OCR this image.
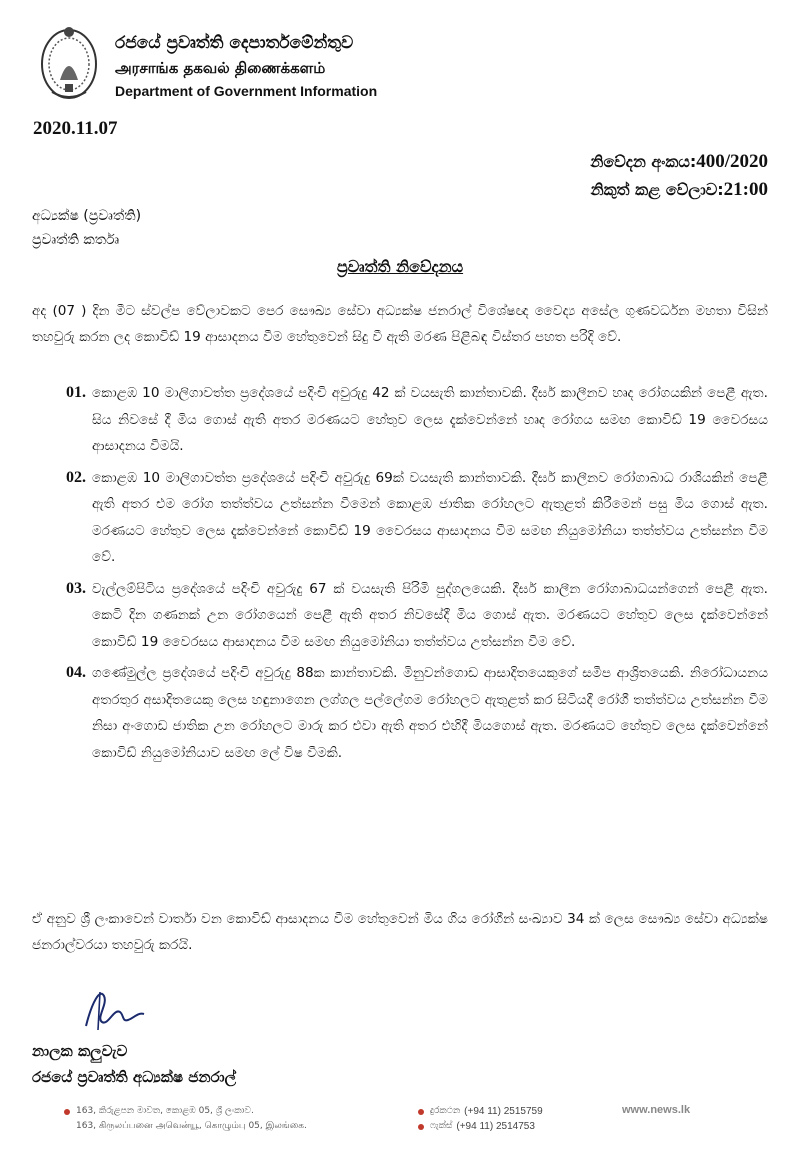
රජයේ ප්‍රවෘත්ති දෙපාර්තමේන්තුව
அரசாங்க தகவல் திணைக்களம்
Department of Government Information
2020.11.07
නිවේදන අංකය:400/2020
නිකුත් කළ වේලාව:21:00
අධ්‍යක්ෂ (ප්‍රවෘත්ති)
ප්‍රවෘත්ති කර්තෘ
ප්‍රවෘත්ති නිවේදනය
අද (07 ) දින මීට ස්වල්ප වේලාවකට පෙර සෞඛ්‍ය සේවා අධ්‍යක්ෂ ජනරාල් විශේෂඥ වෛද්‍ය අසේල ගුණවර්ධන මහතා විසින් තහවුරු කරන ලද කොවිඩ් 19 ආසාදනය වීම හේතුවෙන් සිදු වී ඇති මරණ පිළිබඳ විස්තර පහත පරිදි වේ.
01. කොළඹ 10 මාලිගාවත්ත ප්‍රදේශයේ පදිංචි අවුරුදු 42 ක් වයසැති කාන්තාවකි. දීර්ඝ කාලීනව හෘද රෝගයකින් පෙළී ඇත. සිය නිවසේ දී මිය ගොස් ඇති අතර මරණයට හේතුව ලෙස දැක්වෙන්නේ හෘද රෝගය සමඟ කොවිඩ් 19 වෛරසය ආසාදනය වීමයි.
02. කොළඹ 10 මාලිගාවත්ත ප්‍රදේශයේ පදිංචි අවුරුදු 69ක් වයසැති කාන්තාවකි. දීර්ඝ කාලීනව රෝගාබාධ රාශියකින් පෙළී ඇති අතර එම රෝග තත්ත්වය උත්සන්න වීමෙන් කොළඹ ජාතික රෝහලට ඇතුළත් කිරීමෙන් පසු මිය ගොස් ඇත. මරණයට හේතුව ලෙස දැක්වෙන්නේ කොවිඩ් 19 වෛරසය ආසාදනය වීම සමඟ නියුමෝනියා තත්ත්වය උත්සන්න වීම වේ.
03. වැල්ලම්පිටිය ප්‍රදේශයේ පදිංචි අවුරුදු 67 ක් වයසැති පිරිමි පුද්ගලයෙකි. දීර්ඝ කාලීන රෝගාබාධයන්ගෙන් පෙළී ඇත. කෙටි දින ගණනක් උන රෝගයෙන් පෙළී ඇති අතර නිවසේදී මිය ගොස් ඇත. මරණයට හේතුව ලෙස දැක්වෙන්නේ කොවිඩ් 19 වෛරසය ආසාදනය වීම සමඟ නියුමෝනියා තත්ත්වය උත්සන්න වීම වේ.
04. ගණේමුල්ල ප්‍රදේශයේ පදිංචි අවුරුදු 88ක කාන්තාවකි. මිනුවන්ගොඩ ආසාදිතයෙකුගේ සමීප ආශ්‍රිතයෙකි. නිරෝධායනය අතරතුර අසාදිතයෙකු ලෙස හඳුනාගෙන ලග්ගල පල්ලේගම රෝහලට ඇතුළත් කර සිටියදී රෝගී තත්ත්වය උත්සන්න වීම නිසා අංගොඩ ජාතික උන රෝහලට මාරු කර එවා ඇති අතර එහිදී මියගොස් ඇත. මරණයට හේතුව ලෙස දැක්වෙන්නේ කොවිඩ් නියුමෝනියාව සමඟ ලේ විෂ වීමකි.
ඒ අනුව ශ්‍රී ලංකාවෙන් වාර්තා වන කොවිඩ් ආසාදනය වීම හේතුවෙන් මිය ගිය රෝගීන් සංඛ්‍යාව 34 ක් ලෙස සෞඛ්‍ය සේවා අධ්‍යක්ෂ ජනරාල්වරයා තහවුරු කරයි.
නාලක කලුවැව
රජයේ ප්‍රවෘත්ති අධ්‍යක්ෂ ජනරාල්
163, කිරුළපන මාවත, කොළඹ 05, ශ්‍රී ලංකාව.
163, கிருலப்பனை அவென்யூ, கொழும்பு 05, இலங்கை.
දුරකථන (+94 11) 2515759
ෆැක්ස් (+94 11) 2514753
www.news.lk
